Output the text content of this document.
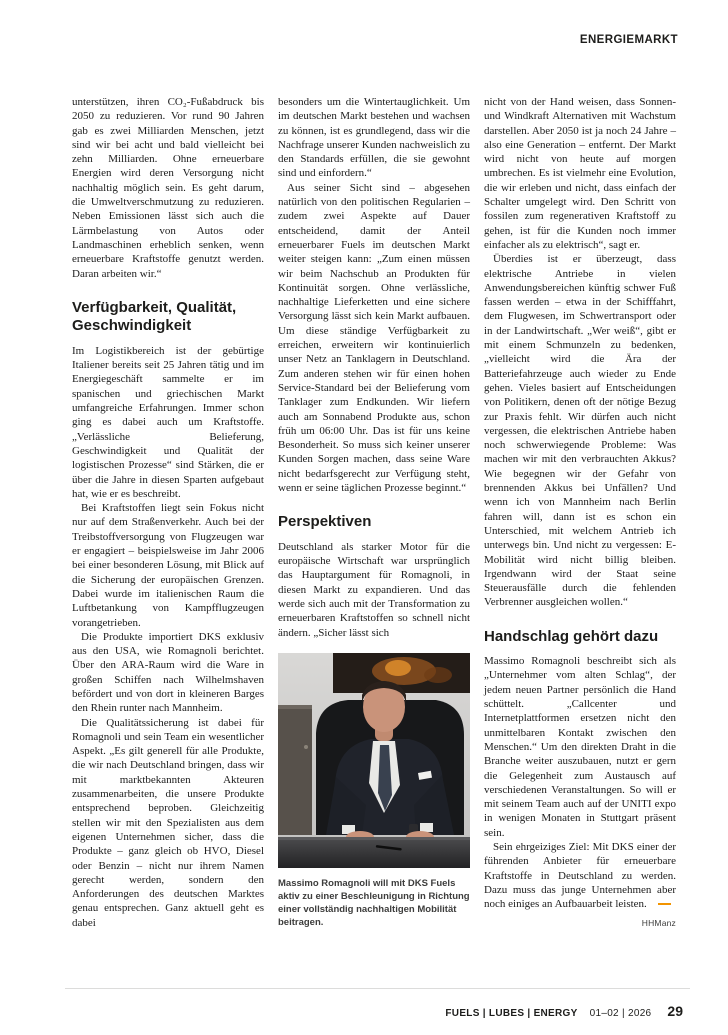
ENERGIEMARKT

unterstützen, ihren CO₂-Fußabdruck bis 2050 zu reduzieren. Vor rund 90 Jahren gab es zwei Milliarden Menschen, jetzt sind wir bei acht und bald vielleicht bei zehn Milliarden. Ohne erneuerbare Energien wird deren Versorgung nicht nachhaltig möglich sein. Es geht darum, die Umweltverschmutzung zu reduzieren. Neben Emissionen lässt sich auch die Lärmbelastung von Autos oder Landmaschinen erheblich senken, wenn erneuerbare Kraftstoffe genutzt werden. Daran arbeiten wir.“

Verfügbarkeit, Qualität, Geschwindigkeit

Im Logistikbereich ist der gebürtige Italiener bereits seit 25 Jahren tätig und im Energiegeschäft sammelte er im spanischen und griechischen Markt umfangreiche Erfahrungen. Immer schon ging es dabei auch um Kraftstoffe. „Verlässliche Belieferung, Geschwindigkeit und Qualität der logistischen Prozesse“ sind Stärken, die er über die Jahre in diesen Sparten aufgebaut hat, wie er es beschreibt.

Bei Kraftstoffen liegt sein Fokus nicht nur auf dem Straßenverkehr. Auch bei der Treibstoffversorgung von Flugzeugen war er engagiert – beispielsweise im Jahr 2006 bei einer besonderen Lösung, mit Blick auf die Sicherung der europäischen Grenzen. Dabei wurde im italienischen Raum die Luftbetankung von Kampfflugzeugen vorangetrieben.

Die Produkte importiert DKS exklusiv aus den USA, wie Romagnoli berichtet. Über den ARA-Raum wird die Ware in großen Schiffen nach Wilhelmshaven befördert und von dort in kleineren Barges den Rhein runter nach Mannheim.

Die Qualitätssicherung ist dabei für Romagnoli und sein Team ein wesentlicher Aspekt. „Es gilt generell für alle Produkte, die wir nach Deutschland bringen, dass wir mit marktbekannten Akteuren zusammenarbeiten, die unsere Produkte entsprechend beproben. Gleichzeitig stellen wir mit den Spezialisten aus dem eigenen Unternehmen sicher, dass die Produkte – ganz gleich ob HVO, Diesel oder Benzin – nicht nur ihrem Namen gerecht werden, sondern den Anforderungen des deutschen Marktes genau entsprechen. Ganz aktuell geht es dabei

besonders um die Wintertauglichkeit. Um im deutschen Markt bestehen und wachsen zu können, ist es grundlegend, dass wir die Nachfrage unserer Kunden nachweislich zu den Standards erfüllen, die sie gewohnt sind und einfordern.“

Aus seiner Sicht sind – abgesehen natürlich von den politischen Regularien – zudem zwei Aspekte auf Dauer entscheidend, damit der Anteil erneuerbarer Fuels im deutschen Markt weiter steigen kann: „Zum einen müssen wir beim Nachschub an Produkten für Kontinuität sorgen. Ohne verlässliche, nachhaltige Lieferketten und eine sichere Versorgung lässt sich kein Markt aufbauen. Um diese ständige Verfügbarkeit zu erreichen, erweitern wir kontinuierlich unser Netz an Tanklagern in Deutschland. Zum anderen stehen wir für einen hohen Service-Standard bei der Belieferung vom Tanklager zum Endkunden. Wir liefern auch am Sonnabend Produkte aus, schon früh um 06:00 Uhr. Das ist für uns keine Besonderheit. So muss sich keiner unserer Kunden Sorgen machen, dass seine Ware nicht bedarfsgerecht zur Verfügung steht, wenn er seine täglichen Prozesse beginnt.“

Perspektiven

Deutschland als starker Motor für die europäische Wirtschaft war ursprünglich das Hauptargument für Romagnoli, in diesen Markt zu expandieren. Und das werde sich auch mit der Transformation zu erneuerbaren Kraftstoffen so schnell nicht ändern. „Sicher lässt sich

Massimo Romagnoli will mit DKS Fuels aktiv zu einer Beschleunigung in Richtung einer vollständig nachhaltigen Mobilität beitragen.

nicht von der Hand weisen, dass Sonnen- und Windkraft Alternativen mit Wachstum darstellen. Aber 2050 ist ja noch 24 Jahre – also eine Generation – entfernt. Der Markt wird nicht von heute auf morgen umbrechen. Es ist vielmehr eine Evolution, die wir erleben und nicht, dass einfach der Schalter umgelegt wird. Den Schritt von fossilen zum regenerativen Kraftstoff zu gehen, ist für die Kunden noch immer einfacher als zu elektrisch“, sagt er.

Überdies ist er überzeugt, dass elektrische Antriebe in vielen Anwendungsbereichen künftig schwer Fuß fassen werden – etwa in der Schifffahrt, dem Flugwesen, im Schwertransport oder in der Landwirtschaft. „Wer weiß“, gibt er mit einem Schmunzeln zu bedenken, „vielleicht wird die Ära der Batteriefahrzeuge auch wieder zu Ende gehen. Vieles basiert auf Entscheidungen von Politikern, denen oft der nötige Bezug zur Praxis fehlt. Wir dürfen auch nicht vergessen, die elektrischen Antriebe haben noch schwerwiegende Probleme: Was machen wir mit den verbrauchten Akkus? Wie begegnen wir der Gefahr von brennenden Akkus bei Unfällen? Und wenn ich von Mannheim nach Berlin fahren will, dann ist es schon ein Unterschied, mit welchem Antrieb ich unterwegs bin. Und nicht zu vergessen: E-Mobilität wird nicht billig bleiben. Irgendwann wird der Staat seine Steuerausfälle durch die fehlenden Verbrenner ausgleichen wollen.“

Handschlag gehört dazu

Massimo Romagnoli beschreibt sich als „Unternehmer vom alten Schlag“, der jedem neuen Partner persönlich die Hand schüttelt. „Callcenter und Internetplattformen ersetzen nicht den unmittelbaren Kontakt zwischen den Menschen.“ Um den direkten Draht in die Branche weiter auszubauen, nutzt er gern die Gelegenheit zum Austausch auf verschiedenen Veranstaltungen. So will er mit seinem Team auch auf der UNITI expo in wenigen Monaten in Stuttgart präsent sein.

Sein ehrgeiziges Ziel: Mit DKS einer der führenden Anbieter für erneuerbare Kraftstoffe in Deutschland zu werden. Dazu muss das junge Unternehmen aber noch einiges an Aufbauarbeit leisten.
HHManz

FUELS | LUBES | ENERGY 01–02 | 2026 29
